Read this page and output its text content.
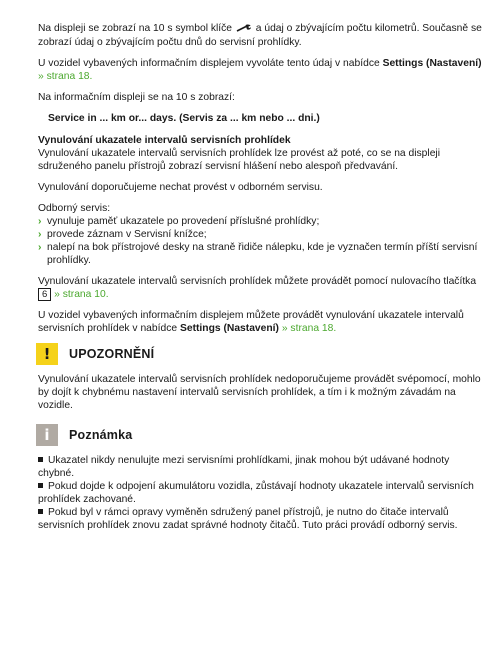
Na displeji se zobrazí na 10 s symbol klíče a údaj o zbývajícím počtu kilometrů. Současně se zobrazí údaj o zbývajícím počtu dnů do servisní prohlídky.

U vozidel vybavených informačním displejem vyvoláte tento údaj v nabídce Settings (Nastavení) » strana 18.

Na informačním displeji se na 10 s zobrazí:

Service in ... km or... days. (Servis za ... km nebo ... dni.)

Vynulování ukazatele intervalů servisních prohlídek

Vynulování ukazatele intervalů servisních prohlídek lze provést až poté, co se na displeji sdruženého panelu přístrojů zobrazí servisní hlášení nebo alespoň předvavání.

Vynulování doporučujeme nechat provést v odborném servisu.

Odborný servis:
› vynuluje paměť ukazatele po provedení příslušné prohlídky;
› provede záznam v Servisní knížce;
› nalepí na bok přístrojové desky na straně řidiče nálepku, kde je vyznačen termín příští servisní prohlídky.

Vynulování ukazatele intervalů servisních prohlídek můžete provádět pomocí nulovacího tlačítka 6 » strana 10.

U vozidel vybavených informačním displejem můžete provádět vynulování ukazatele intervalů servisních prohlídek v nabídce Settings (Nastavení) » strana 18.

!	UPOZORNĚNÍ

Vynulování ukazatele intervalů servisních prohlídek nedoporučujeme provádět svépomocí, mohlo by dojít k chybnému nastavení intervalů servisních prohlídek, a tím i k možným závadám na vozidle.

i	Poznámka
Ukazatel nikdy nenulujte mezi servisními prohlídkami, jinak mohou být udávané hodnoty chybné.
Pokud dojde k odpojení akumulátoru vozidla, zůstávají hodnoty ukazatele intervalů servisních prohlídek zachované.
Pokud byl v rámci opravy vyměněn sdružený panel přístrojů, je nutno do čitače intervalů servisních prohlídek znovu zadat správné hodnoty čitačů. Tuto práci provádí odborný servis.
